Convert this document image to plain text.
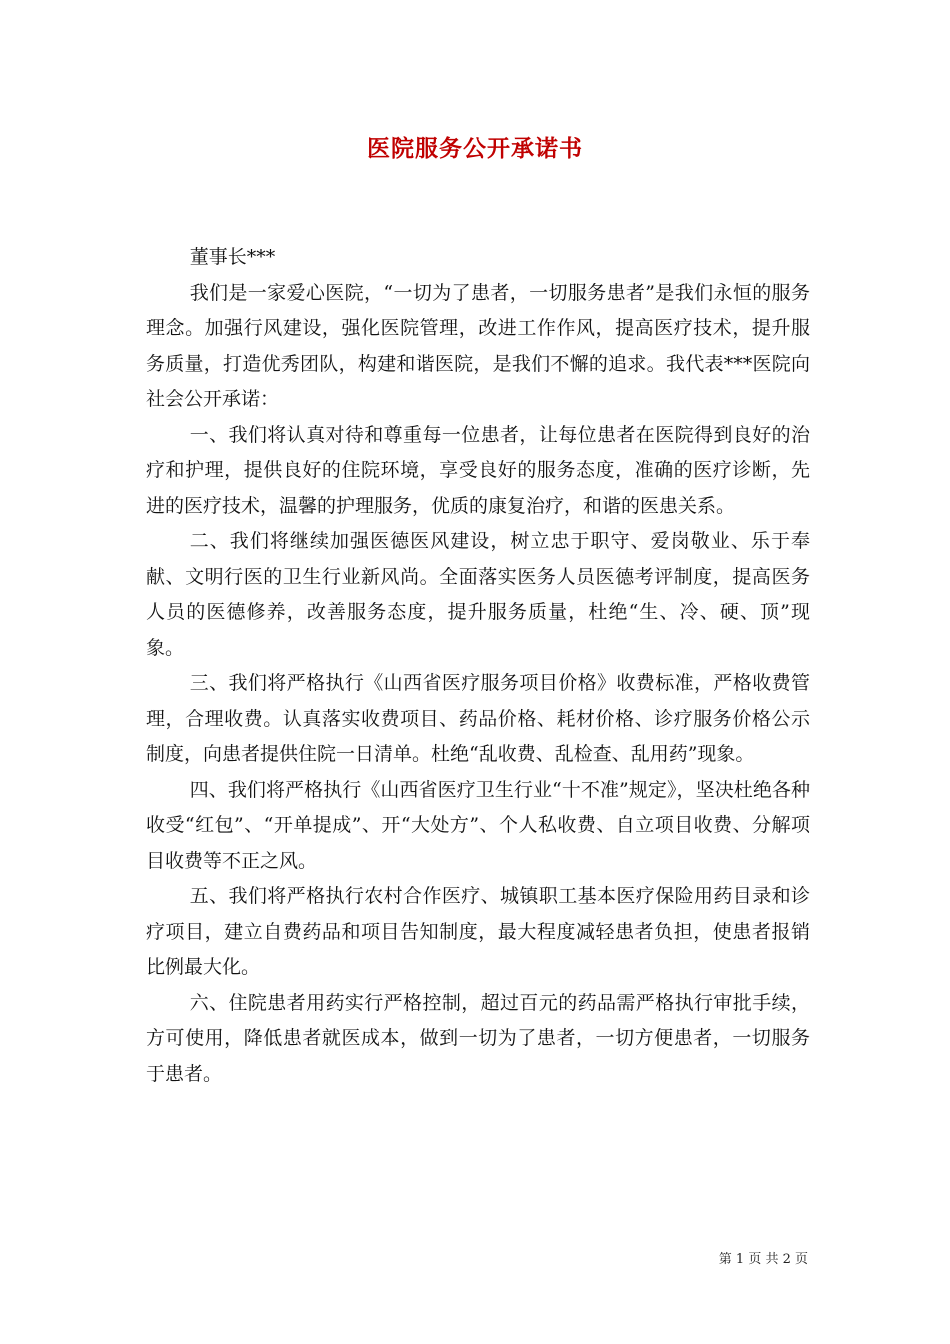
医院服务公开承诺书

董事长***

我们是一家爱心医院，“一切为了患者，一切服务患者”是我们永恒的服务理念。加强行风建设，强化医院管理，改进工作作风，提高医疗技术，提升服务质量，打造优秀团队，构建和谐医院，是我们不懈的追求。我代表***医院向社会公开承诺：

一、我们将认真对待和尊重每一位患者，让每位患者在医院得到良好的治疗和护理，提供良好的住院环境，享受良好的服务态度，准确的医疗诊断，先进的医疗技术，温馨的护理服务，优质的康复治疗，和谐的医患关系。

二、我们将继续加强医德医风建设，树立忠于职守、爱岗敬业、乐于奉献、文明行医的卫生行业新风尚。全面落实医务人员医德考评制度，提高医务人员的医德修养，改善服务态度，提升服务质量，杜绝“生、冷、硬、顶”现象。

三、我们将严格执行《山西省医疗服务项目价格》收费标准，严格收费管理，合理收费。认真落实收费项目、药品价格、耗材价格、诊疗服务价格公示制度，向患者提供住院一日清单。杜绝“乱收费、乱检查、乱用药”现象。

四、我们将严格执行《山西省医疗卫生行业“十不准”规定》，坚决杜绝各种收受“红包”、“开单提成”、开“大处方”、个人私收费、自立项目收费、分解项目收费等不正之风。

五、我们将严格执行农村合作医疗、城镇职工基本医疗保险用药目录和诊疗项目，建立自费药品和项目告知制度，最大程度减轻患者负担，使患者报销比例最大化。

六、住院患者用药实行严格控制，超过百元的药品需严格执行审批手续，方可使用，降低患者就医成本，做到一切为了患者，一切方便患者，一切服务于患者。

第 1 页 共 2 页
